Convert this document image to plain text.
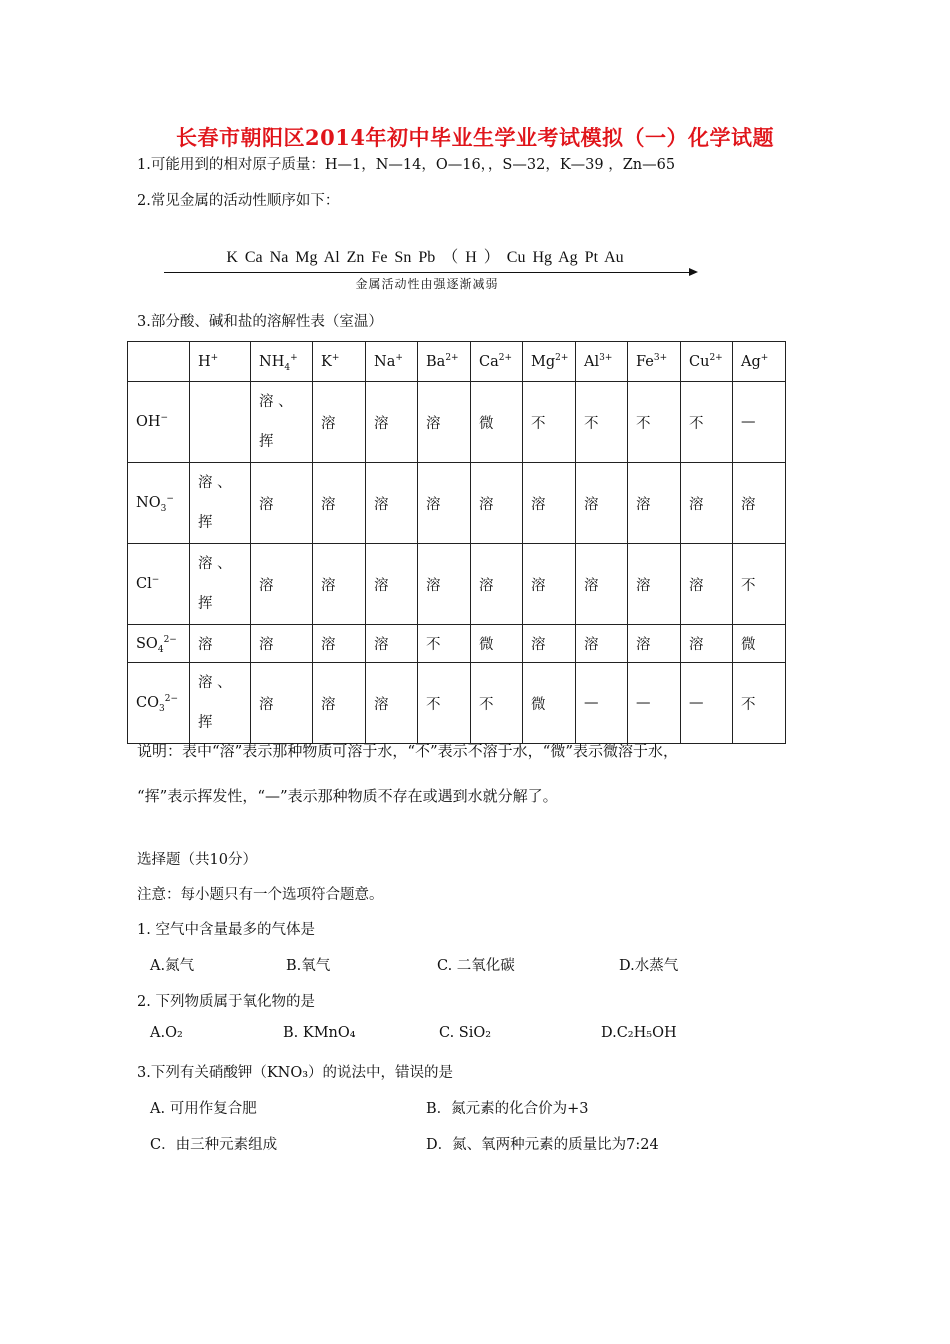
长春市朝阳区2014年初中毕业生学业考试模拟（一）化学试题
1.可能用到的相对原子质量：H—1，N—14，O—16，，S—32，K—39 ，Zn—65
2.常见金属的活动性顺序如下：
K Ca Na Mg Al Zn Fe Sn Pb （ H ） Cu Hg Ag Pt Au
金属活动性由强逐渐减弱
3.部分酸、碱和盐的溶解性表（室温）
	H+	$NH_4^+$	K+	Na+	$Ba^{2+}$	$Ca^{2+}$	$Mg^{2+}$	$Al^{3+}$	$Fe^{3+}$	$Cu^{2+}$	Ag+
OH−		溶 、
挥	溶	溶	溶	微	不	不	不	不	—
$NO_3^-$	溶 、
挥	溶	溶	溶	溶	溶	溶	溶	溶	溶	溶
Cl−	溶 、
挥	溶	溶	溶	溶	溶	溶	溶	溶	溶	不
$SO_4^{2-}$	溶	溶	溶	溶	不	微	溶	溶	溶	溶	微
$CO_3^{2-}$	溶 、
挥	溶	溶	溶	不	不	微	—	—	—	不
说明：表中“溶”表示那种物质可溶于水，“不”表示不溶于水，“微”表示微溶于水，
“挥”表示挥发性，“—”表示那种物质不存在或遇到水就分解了。
选择题（共10分）
注意：每小题只有一个选项符合题意。
1. 空气中含量最多的气体是
A.氮气	B.氧气	C. 二氧化碳	D.水蒸气
2. 下列物质属于氧化物的是
A.O₂	B. KMnO₄	C. SiO₂	D.C₂H₅OH
3.下列有关硝酸钾（KNO₃）的说法中，错误的是
A. 可用作复合肥	B．氮元素的化合价为+3
C．由三种元素组成	D．氮、氧两种元素的质量比为7:24
